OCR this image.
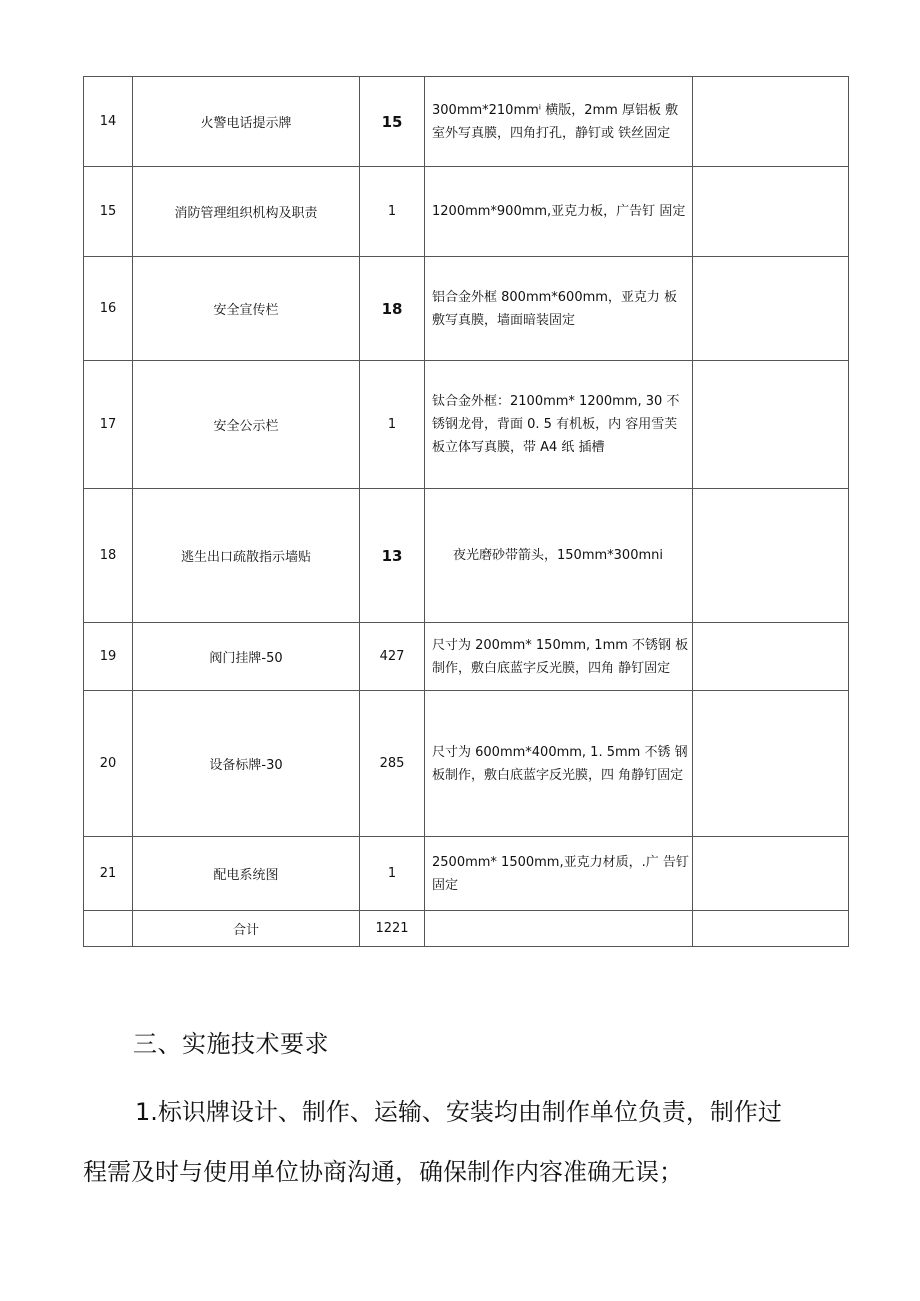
14	火警电话提示牌	15	300mm*210mmⁱ 横版，2mm 厚铝板 敷室外写真膜，四角打孔，静钉或 铁丝固定	

15	消防管理组织机构及职责	1	1200mm*900mm,亚克力板，广告钉 固定	

16	安全宣传栏	18	铝合金外框 800mm*600mm，亚克力 板敷写真膜，墙面暗装固定	

17	安全公示栏	1	钛合金外框：2100mm* 1200mm, 30 不锈钢龙骨，背面 0. 5 有机板，内 容用雪芙板立体写真膜，带 A4 纸 插槽	

18	逃生出口疏散指示墙贴	13	夜光磨砂带箭头，150mm*300mni	

19	阀门挂牌-50	427	尺寸为 200mm* 150mm, 1mm 不锈钢 板制作，敷白底蓝字反光膜，四角 静钉固定	

20	设备标牌-30	285	尺寸为 600mm*400mm, 1. 5mm 不锈 钢板制作，敷白底蓝字反光膜，四 角静钉固定	

21	配电系统图	1	2500mm* 1500mm,亚克力材质，.广 告钉固定	

	合计	1221		
三、实施技术要求
1.标识牌设计、制作、运输、安装均由制作单位负责，制作过程需及时与使用单位协商沟通，确保制作内容准确无误；
